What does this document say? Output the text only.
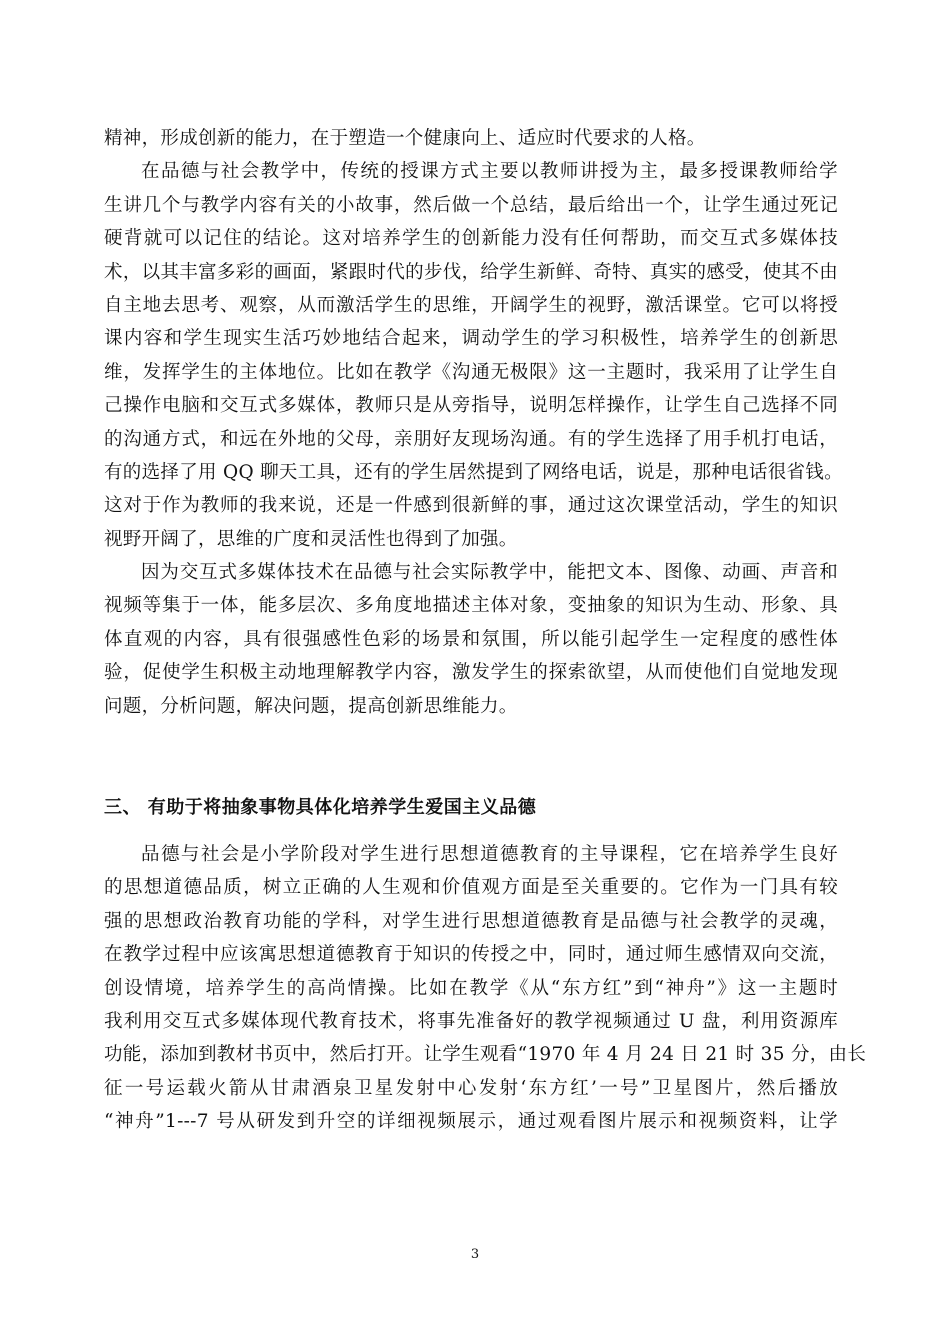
精神，形成创新的能力，在于塑造一个健康向上、适应时代要求的人格。
在品德与社会教学中，传统的授课方式主要以教师讲授为主，最多授课教师给学
生讲几个与教学内容有关的小故事，然后做一个总结，最后给出一个，让学生通过死记
硬背就可以记住的结论。这对培养学生的创新能力没有任何帮助，而交互式多媒体技
术，以其丰富多彩的画面，紧跟时代的步伐，给学生新鲜、奇特、真实的感受，使其不由
自主地去思考、观察，从而激活学生的思维，开阔学生的视野，激活课堂。它可以将授
课内容和学生现实生活巧妙地结合起来，调动学生的学习积极性，培养学生的创新思
维，发挥学生的主体地位。比如在教学《沟通无极限》这一主题时，我采用了让学生自
己操作电脑和交互式多媒体，教师只是从旁指导，说明怎样操作，让学生自己选择不同
的沟通方式，和远在外地的父母，亲朋好友现场沟通。有的学生选择了用手机打电话，
有的选择了用 QQ 聊天工具，还有的学生居然提到了网络电话，说是，那种电话很省钱。
这对于作为教师的我来说，还是一件感到很新鲜的事，通过这次课堂活动，学生的知识
视野开阔了，思维的广度和灵活性也得到了加强。
因为交互式多媒体技术在品德与社会实际教学中，能把文本、图像、动画、声音和
视频等集于一体，能多层次、多角度地描述主体对象，变抽象的知识为生动、形象、具
体直观的内容，具有很强感性色彩的场景和氛围，所以能引起学生一定程度的感性体
验，促使学生积极主动地理解教学内容，激发学生的探索欲望，从而使他们自觉地发现
问题，分析问题，解决问题，提高创新思维能力。
三、 有助于将抽象事物具体化培养学生爱国主义品德
品德与社会是小学阶段对学生进行思想道德教育的主导课程，它在培养学生良好
的思想道德品质，树立正确的人生观和价值观方面是至关重要的。它作为一门具有较
强的思想政治教育功能的学科，对学生进行思想道德教育是品德与社会教学的灵魂，
在教学过程中应该寓思想道德教育于知识的传授之中，同时，通过师生感情双向交流，
创设情境，培养学生的高尚情操。比如在教学《从“东方红”到“神舟”》这一主题时
我利用交互式多媒体现代教育技术，将事先准备好的教学视频通过 U 盘，利用资源库
功能，添加到教材书页中，然后打开。让学生观看“1970 年 4 月 24 日 21 时 35 分，由长
征一号运载火箭从甘肃酒泉卫星发射中心发射‘东方红’一号”卫星图片，然后播放
“神舟”1---7 号从研发到升空的详细视频展示，通过观看图片展示和视频资料，让学
3
